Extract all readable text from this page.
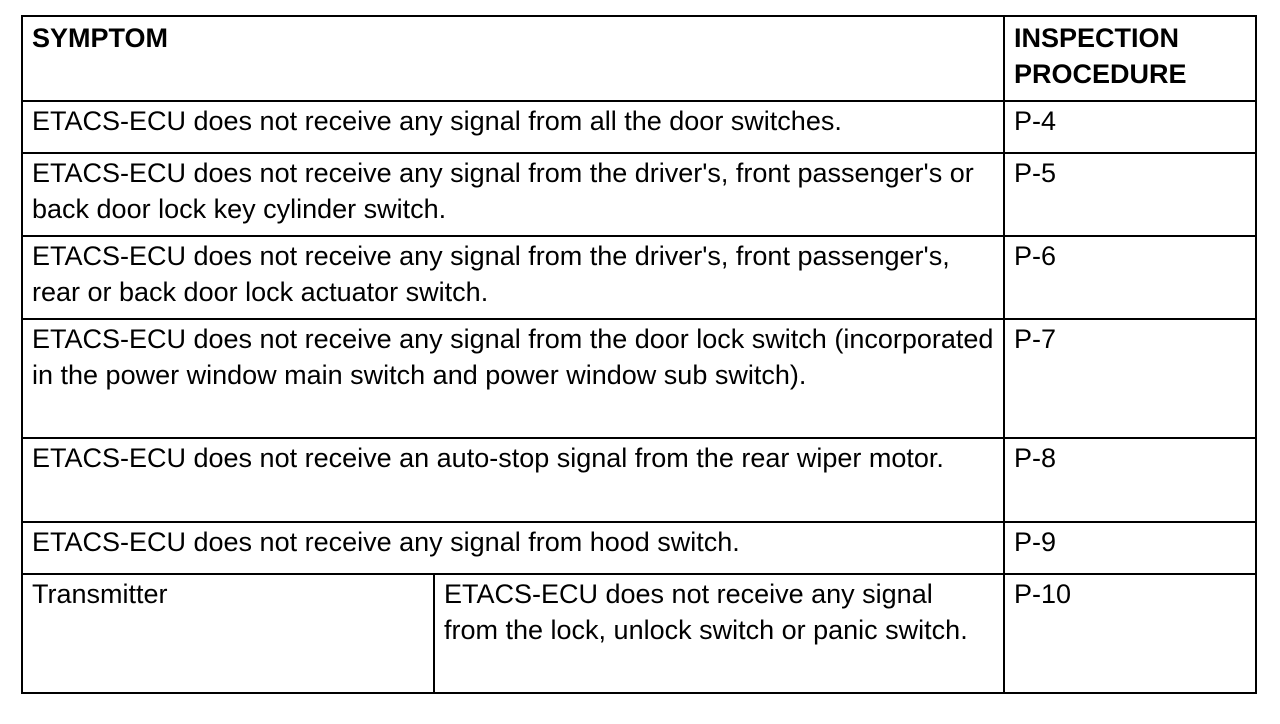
SYMPTOM		INSPECTION PROCEDURE
ETACS-ECU does not receive any signal from all the door switches.		P-4
ETACS-ECU does not receive any signal from the driver's, front passenger's or back door lock key cylinder switch.		P-5
ETACS-ECU does not receive any signal from the driver's, front passenger's, rear or back door lock actuator switch.		P-6
ETACS-ECU does not receive any signal from the door lock switch (incorporated in the power window main switch and power window sub switch).		P-7
ETACS-ECU does not receive an auto-stop signal from the rear wiper motor.		P-8
ETACS-ECU does not receive any signal from hood switch.		P-9
Transmitter	ETACS-ECU does not receive any signal from the lock, unlock switch or panic switch.	P-10
